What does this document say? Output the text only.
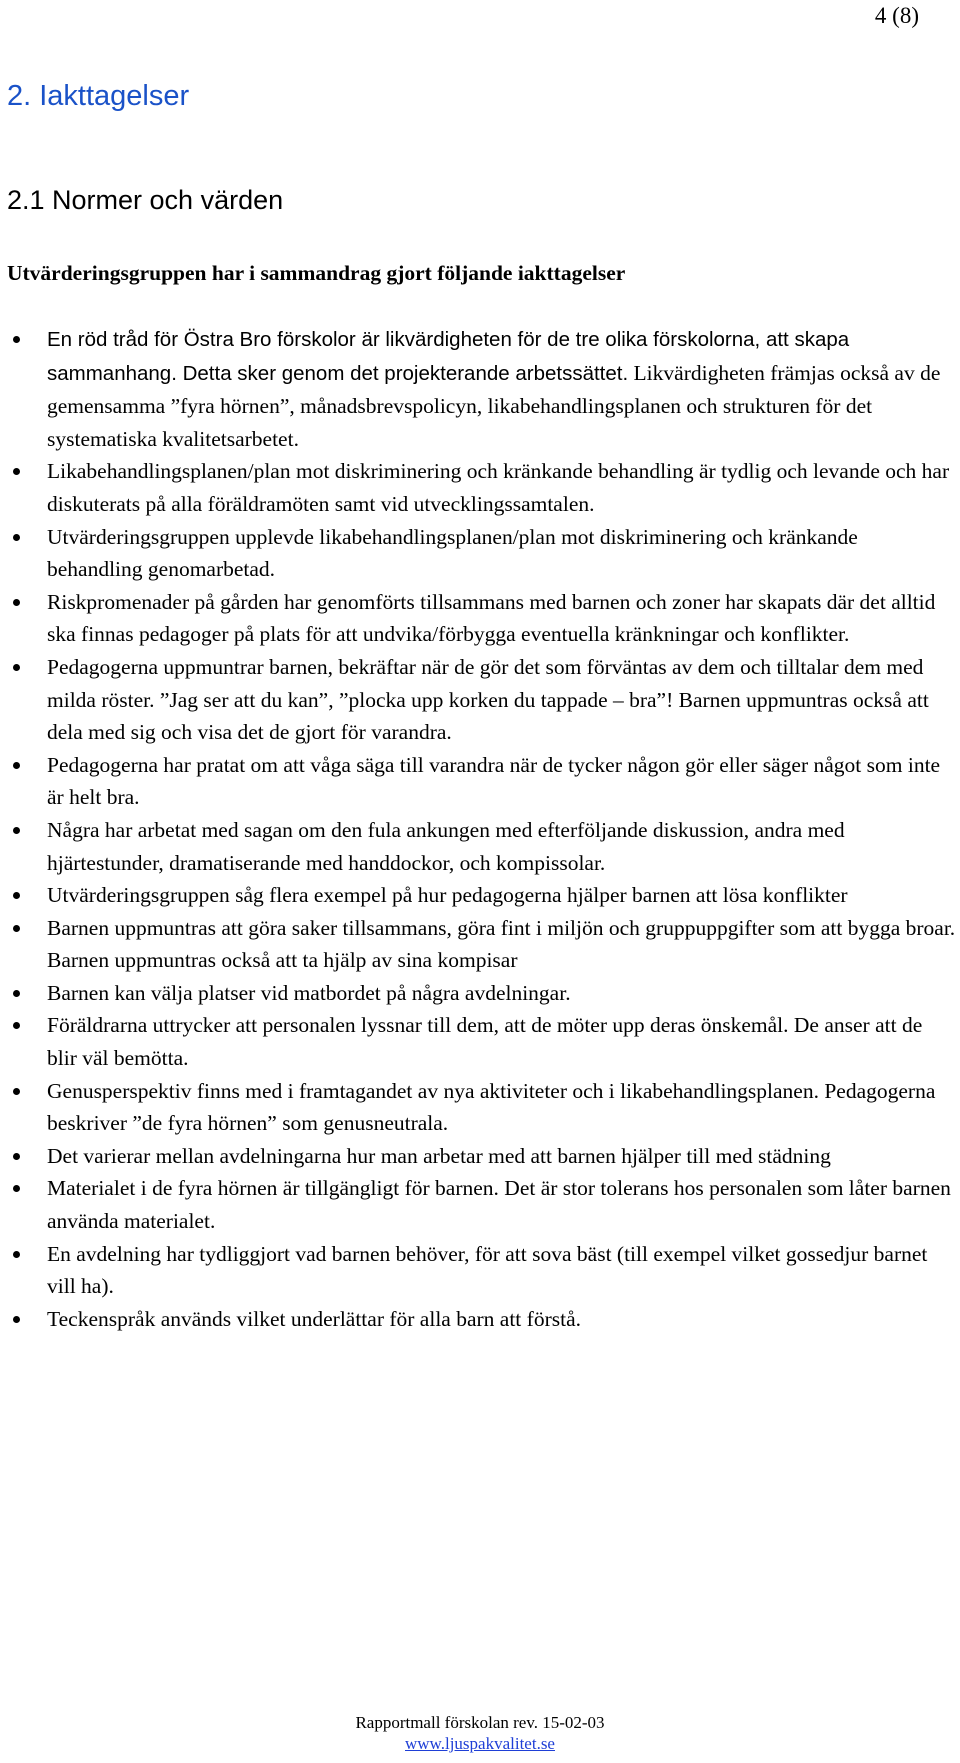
4 (8)
2. Iakttagelser
2.1 Normer och värden

Utvärderingsgruppen har i sammandrag gjort följande iakttagelser

En röd tråd för Östra Bro förskolor är likvärdigheten för de tre olika förskolorna, att skapa sammanhang. Detta sker genom det projekterande arbetssättet. Likvärdigheten främjas också av de gemensamma ”fyra hörnen”, månadsbrevspolicyn, likabehandlingsplanen och strukturen för det systematiska kvalitetsarbetet.
Likabehandlingsplanen/plan mot diskriminering och kränkande behandling är tydlig och levande och har diskuterats på alla föräldramöten samt vid utvecklingssamtalen.
Utvärderingsgruppen upplevde likabehandlingsplanen/plan mot diskriminering och kränkande behandling genomarbetad.
Riskpromenader på gården har genomförts tillsammans med barnen och zoner har skapats där det alltid ska finnas pedagoger på plats för att undvika/förbygga eventuella kränkningar och konflikter.
Pedagogerna uppmuntrar barnen, bekräftar när de gör det som förväntas av dem och tilltalar dem med milda röster. ”Jag ser att du kan”, ”plocka upp korken du tappade – bra”! Barnen uppmuntras också att dela med sig och visa det de gjort för varandra.
Pedagogerna har pratat om att våga säga till varandra när de tycker någon gör eller säger något som inte är helt bra.
Några har arbetat med sagan om den fula ankungen med efterföljande diskussion, andra med hjärtestunder, dramatiserande med handdockor, och kompissolar.
Utvärderingsgruppen såg flera exempel på hur pedagogerna hjälper barnen att lösa konflikter
Barnen uppmuntras att göra saker tillsammans, göra fint i miljön och gruppuppgifter som att bygga broar. Barnen uppmuntras också att ta hjälp av sina kompisar
Barnen kan välja platser vid matbordet på några avdelningar.
Föräldrarna uttrycker att personalen lyssnar till dem, att de möter upp deras önskemål. De anser att de blir väl bemötta.
Genusperspektiv finns med i framtagandet av nya aktiviteter och i likabehandlingsplanen. Pedagogerna beskriver ”de fyra hörnen” som genusneutrala.
Det varierar mellan avdelningarna hur man arbetar med att barnen hjälper till med städning
Materialet i de fyra hörnen är tillgängligt för barnen. Det är stor tolerans hos personalen som låter barnen använda materialet.
En avdelning har tydliggjort vad barnen behöver, för att sova bäst (till exempel vilket gossedjur barnet vill ha).
Teckenspråk används vilket underlättar för alla barn att förstå.
Rapportmall förskolan rev. 15-02-03
www.ljuspakvalitet.se
